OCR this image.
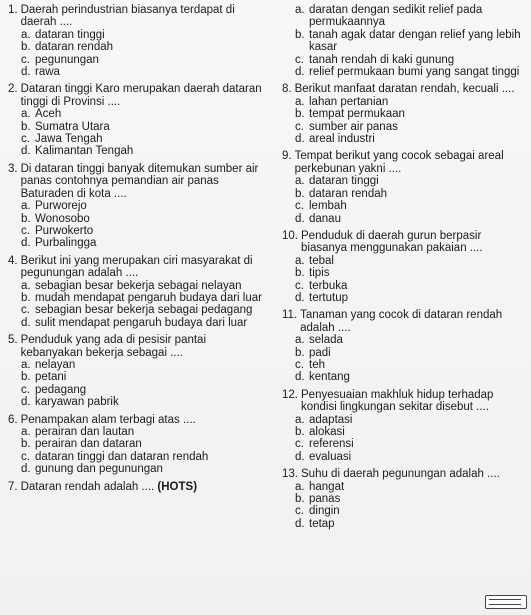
1. Daerah perindustrian biasanya terdapat di daerah ....
a. dataran tinggi
b. dataran rendah
c. pegunungan
d. rawa
2. Dataran tinggi Karo merupakan daerah dataran tinggi di Provinsi ....
a. Aceh
b. Sumatra Utara
c. Jawa Tengah
d. Kalimantan Tengah
3. Di dataran tinggi banyak ditemukan sumber air panas contohnya pemandian air panas Baturaden di kota ....
a. Purworejo
b. Wonosobo
c. Purwokerto
d. Purbalingga
4. Berikut ini yang merupakan ciri masyarakat di pegunungan adalah ....
a. sebagian besar bekerja sebagai nelayan
b. mudah mendapat pengaruh budaya dari luar
c. sebagian besar bekerja sebagai pedagang
d. sulit mendapat pengaruh budaya dari luar
5. Penduduk yang ada di pesisir pantai kebanyakan bekerja sebagai ....
a. nelayan
b. petani
c. pedagang
d. karyawan pabrik
6. Penampakan alam terbagi atas ....
a. perairan dan lautan
b. perairan dan dataran
c. dataran tinggi dan dataran rendah
d. gunung dan pegunungan
7. Dataran rendah adalah .... (HOTS)
a. daratan dengan sedikit relief pada permukaannya
b. tanah agak datar dengan relief yang lebih kasar
c. tanah rendah di kaki gunung
d. relief permukaan bumi yang sangat tinggi
8. Berikut manfaat daratan rendah, kecuali ....
a. lahan pertanian
b. tempat permukaan
c. sumber air panas
d. areal industri
9. Tempat berikut yang cocok sebagai areal perkebunan yakni ....
a. dataran tinggi
b. dataran rendah
c. lembah
d. danau
10. Penduduk di daerah gurun berpasir biasanya menggunakan pakaian ....
a. tebal
b. tipis
c. terbuka
d. tertutup
11. Tanaman yang cocok di dataran rendah adalah ....
a. selada
b. padi
c. teh
d. kentang
12. Penyesuaian makhluk hidup terhadap kondisi lingkungan sekitar disebut ....
a. adaptasi
b. alokasi
c. referensi
d. evaluasi
13. Suhu di daerah pegunungan adalah ....
a. hangat
b. panas
c. dingin
d. tetap
